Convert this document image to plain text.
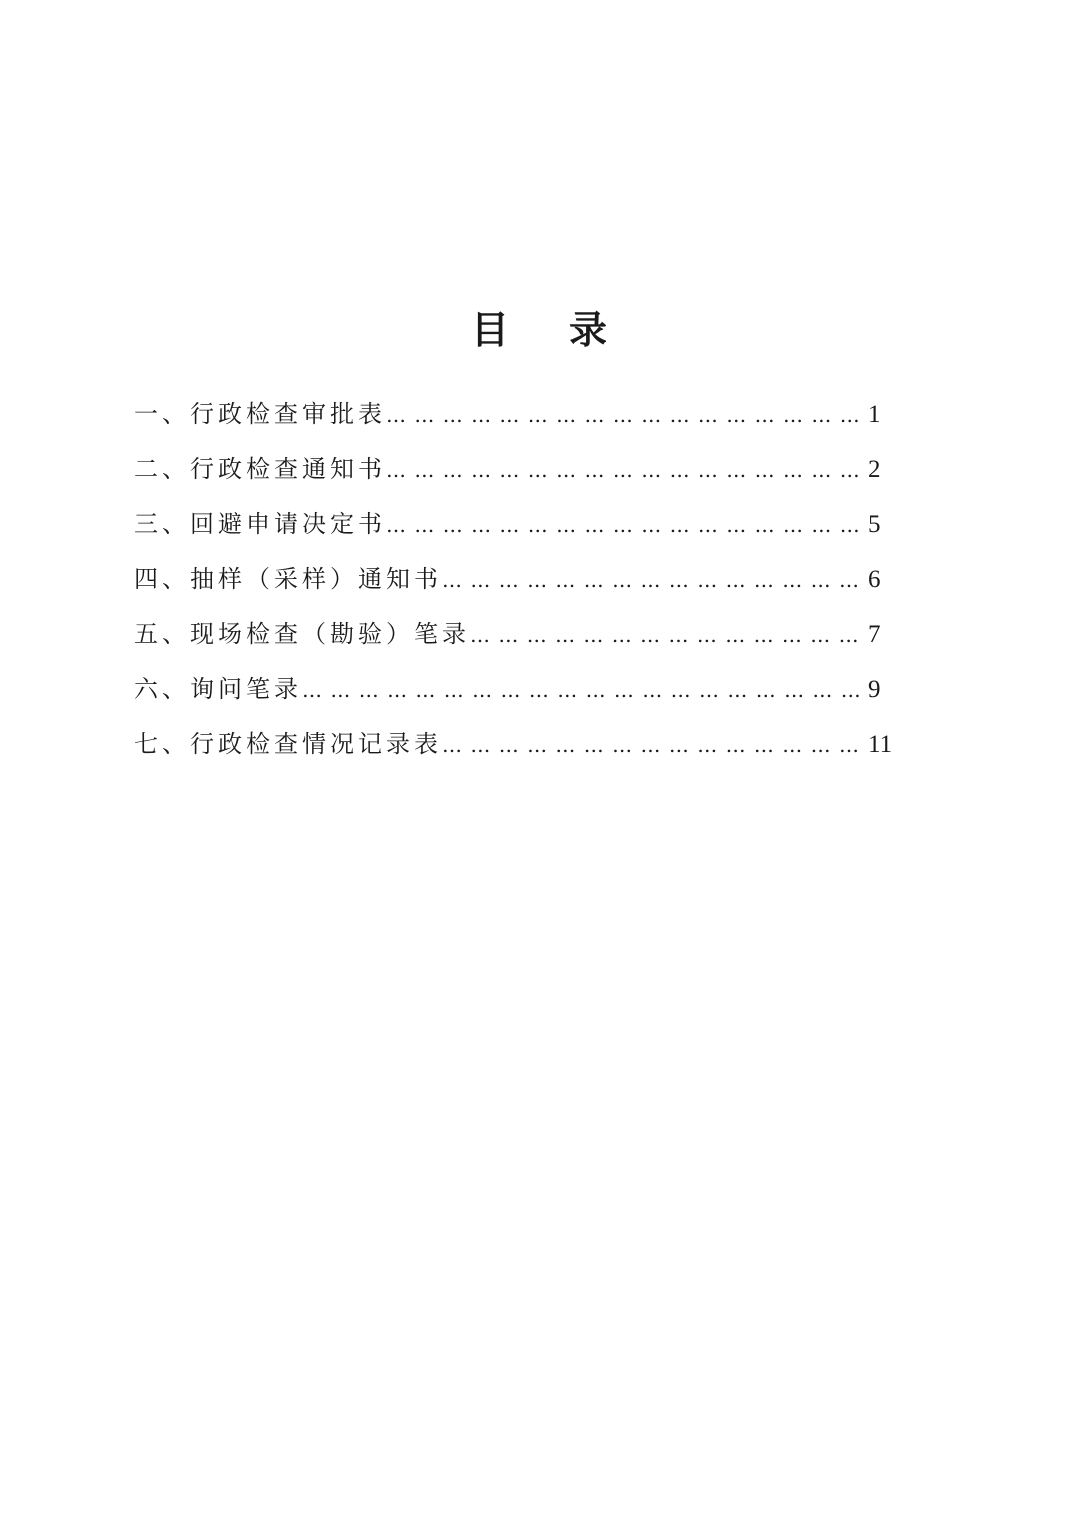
目 录
一、 行政检查审批表 … … … … … … … … … … … … … … … … … … … … … … … … … … … … … … … … … … … … … … … … …	1
二、 行政检查通知书 … … … … … … … … … … … … … … … … … … … … … … … … … … … … … … … … … … … … … … … … …	2
三、 回避申请决定书 … … … … … … … … … … … … … … … … … … … … … … … … … … … … … … … … … … … … … … … … …	5
四、 抽样（采样）通知书 … … … … … … … … … … … … … … … … … … … … … … … … … … … … … … … … … … … … … … … … …	6
五、 现场检查（勘验）笔录 … … … … … … … … … … … … … … … … … … … … … … … … … … … … … … … … … … … … … … … … …	7
六、 询问笔录 … … … … … … … … … … … … … … … … … … … … … … … … … … … … … … … … … … … … … … … … …	9
七、 行政检查情况记录表 … … … … … … … … … … … … … … … … … … … … … … … … … … … … … … … … … … … … … … … … …	11
